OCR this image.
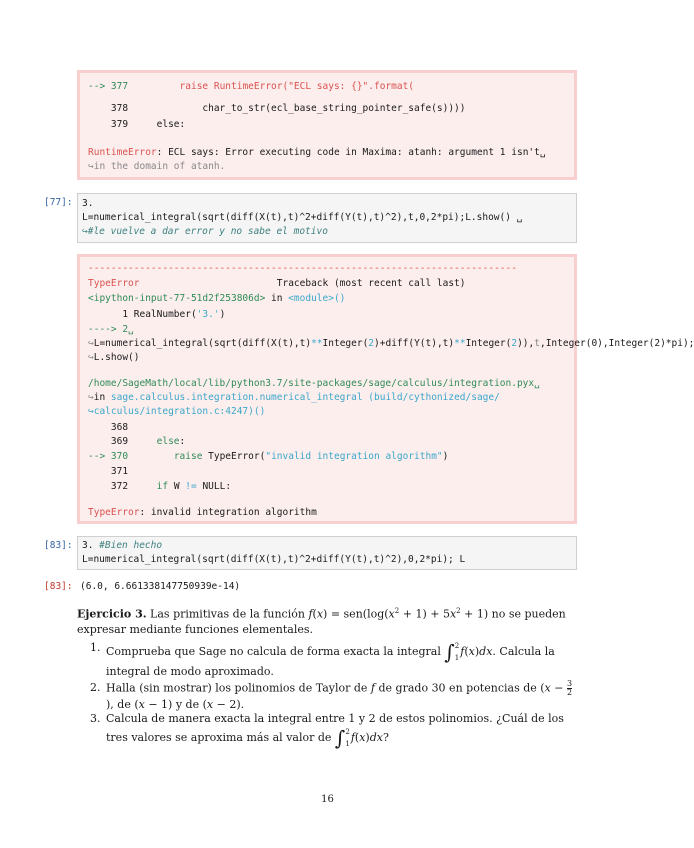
--> 377	raise RuntimeError("ECL says: {}".format(
378             char_to_str(ecl_base_string_pointer_safe(s))))
379     else:
RuntimeError: ECL says: Error executing code in Maxima: atanh: argument 1 isn't␣
↪in the domain of atanh.
[77]: 3.
L=numerical_integral(sqrt(diff(X(t),t)^2+diff(Y(t),t)^2),t,0,2*pi);L.show() ␣
↪#le vuelve a dar error y no sabe el motivo
---------------------------------------------------------------------------
TypeError                        Traceback (most recent call last)
<ipython-input-77-51d2f253806d> in <module>()
1 RealNumber('3.')
----> 2␣
↪L=numerical_integral(sqrt(diff(X(t),t)**Integer(2)+diff(Y(t),t)**Integer(2)),t,Integer(0),Integer(2)*pi);
↪L.show()
/home/SageMath/local/lib/python3.7/site-packages/sage/calculus/integration.pyx␣
↪in sage.calculus.integration.numerical_integral (build/cythonized/sage/
↪calculus/integration.c:4247)()
368
369     else:
--> 370	raise TypeError("invalid integration algorithm")
371
372     if W != NULL:
TypeError: invalid integration algorithm
[83]: 3. #Bien hecho
L=numerical_integral(sqrt(diff(X(t),t)^2+diff(Y(t),t)^2),0,2*pi); L
[83]: (6.0, 6.661338147750939e-14)
Ejercicio 3. Las primitivas de la función $f(x) = sen(\log(x^2 + 1) + 5x^2 + 1)$ no se pueden expresar mediante funciones elementales.
1. Comprueba que Sage no calcula de forma exacta la integral ∫ 2
1 f(x)dx. Calcula la integral de modo aproximado.
2. Halla (sin mostrar) los polinomios de Taylor de f de grado 30 en potencias de ($x - \frac{3}{2}$
), de (x − 1) y de (x − 2).
3. Calcula de manera exacta la integral entre 1 y 2 de estos polinomios. ¿Cuál de los tres valores se aproxima más al valor de ∫ 2
1 f(x)dx?
16
